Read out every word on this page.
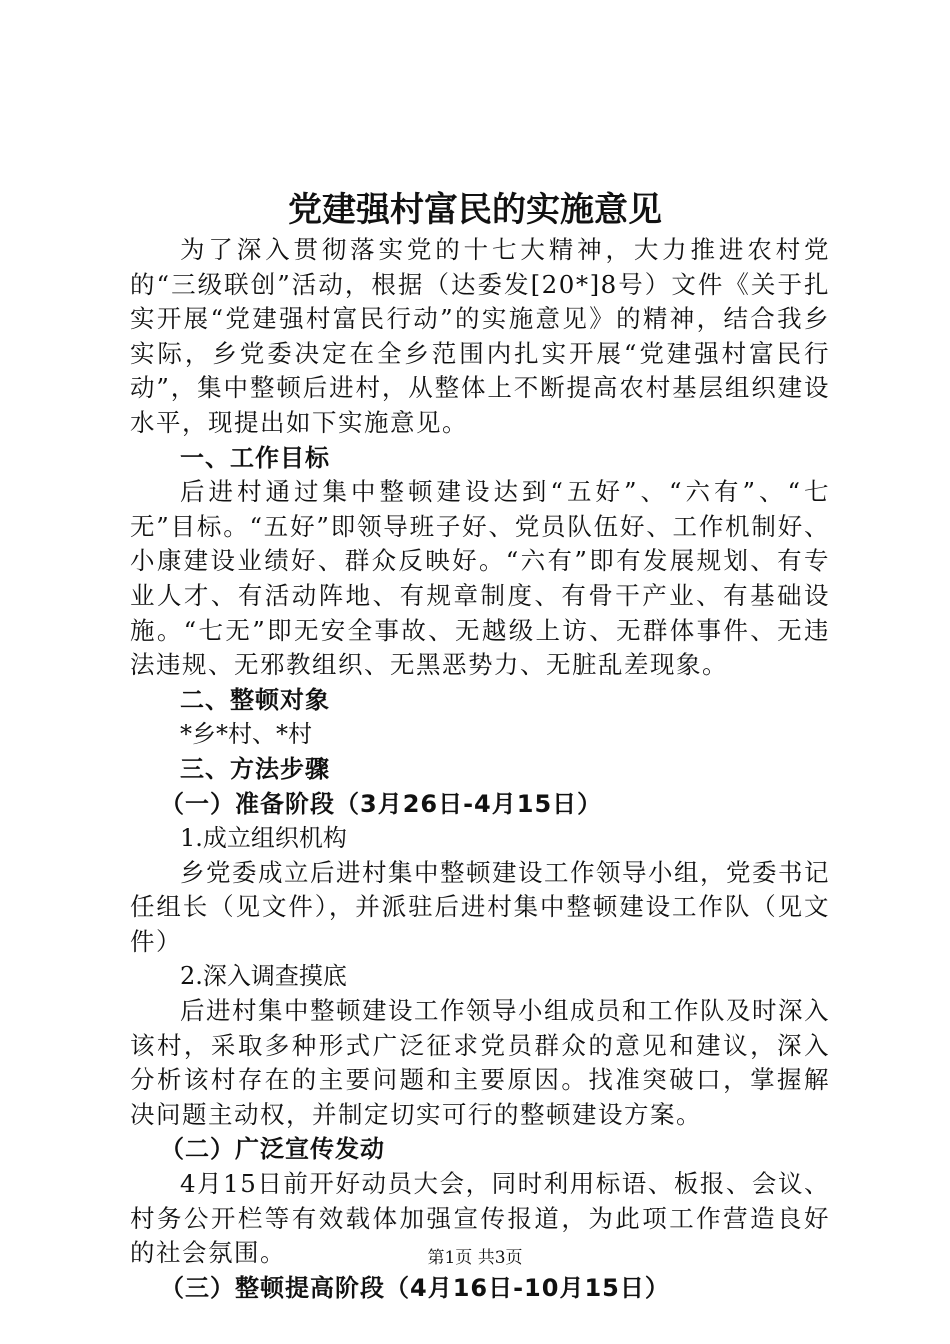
党建强村富民的实施意见

为了深入贯彻落实党的十七大精神，大力推进农村党的“三级联创”活动，根据（达委发[20*]8号）文件《关于扎实开展“党建强村富民行动”的实施意见》的精神，结合我乡实际，乡党委决定在全乡范围内扎实开展“党建强村富民行动”，集中整顿后进村，从整体上不断提高农村基层组织建设水平，现提出如下实施意见。

一、工作目标

后进村通过集中整顿建设达到“五好”、“六有”、“七无”目标。“五好”即领导班子好、党员队伍好、工作机制好、小康建设业绩好、群众反映好。“六有”即有发展规划、有专业人才、有活动阵地、有规章制度、有骨干产业、有基础设施。“七无”即无安全事故、无越级上访、无群体事件、无违法违规、无邪教组织、无黑恶势力、无脏乱差现象。

二、整顿对象

*乡*村、*村

三、方法步骤

（一）准备阶段（3月26日-4月15日）

1.成立组织机构

乡党委成立后进村集中整顿建设工作领导小组，党委书记任组长（见文件），并派驻后进村集中整顿建设工作队（见文件）

2.深入调查摸底

后进村集中整顿建设工作领导小组成员和工作队及时深入该村，采取多种形式广泛征求党员群众的意见和建议，深入分析该村存在的主要问题和主要原因。找准突破口，掌握解决问题主动权，并制定切实可行的整顿建设方案。

（二）广泛宣传发动

4月15日前开好动员大会，同时利用标语、板报、会议、村务公开栏等有效载体加强宣传报道，为此项工作营造良好的社会氛围。

（三）整顿提高阶段（4月16日-10月15日）

第1页 共3页
